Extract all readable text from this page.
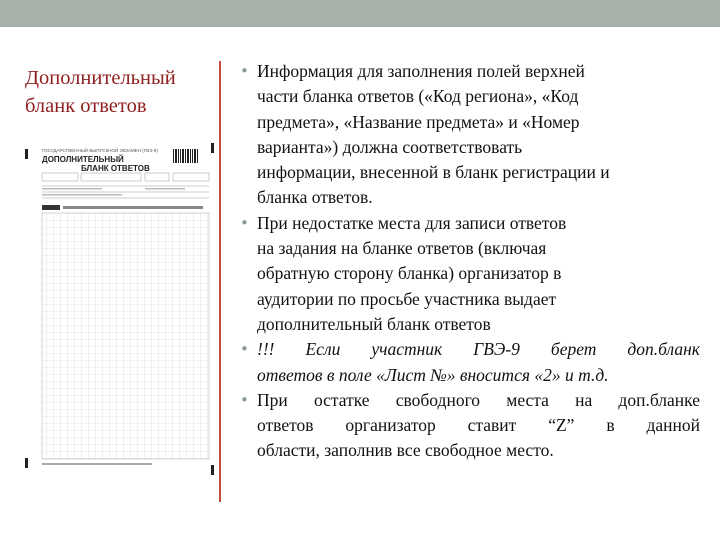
Дополнительный
бланк ответов
ГОСУДАРСТВЕННЫЙ ВЫПУСКНОЙ ЭКЗАМЕН (ГВЭ-9)
ДОПОЛНИТЕЛЬНЫЙ
БЛАНК ОТВЕТОВ
• Информация для заполнения полей верхней
части бланка ответов («Код региона», «Код
предмета», «Название предмета» и «Номер
варианта») должна соответствовать
информации, внесенной в бланк регистрации и
бланка ответов.
• При недостатке места для записи ответов
на задания на бланке ответов (включая
обратную сторону бланка) организатор в
аудитории по просьбе участника выдает
дополнительный бланк ответов
• !!! Если участник ГВЭ-9 берет доп.бланк
ответов в поле «Лист №» вносится «2» и т.д.
• При остатке свободного места на доп.бланке
ответов организатор ставит “Z” в данной
области, заполнив все свободное место.
